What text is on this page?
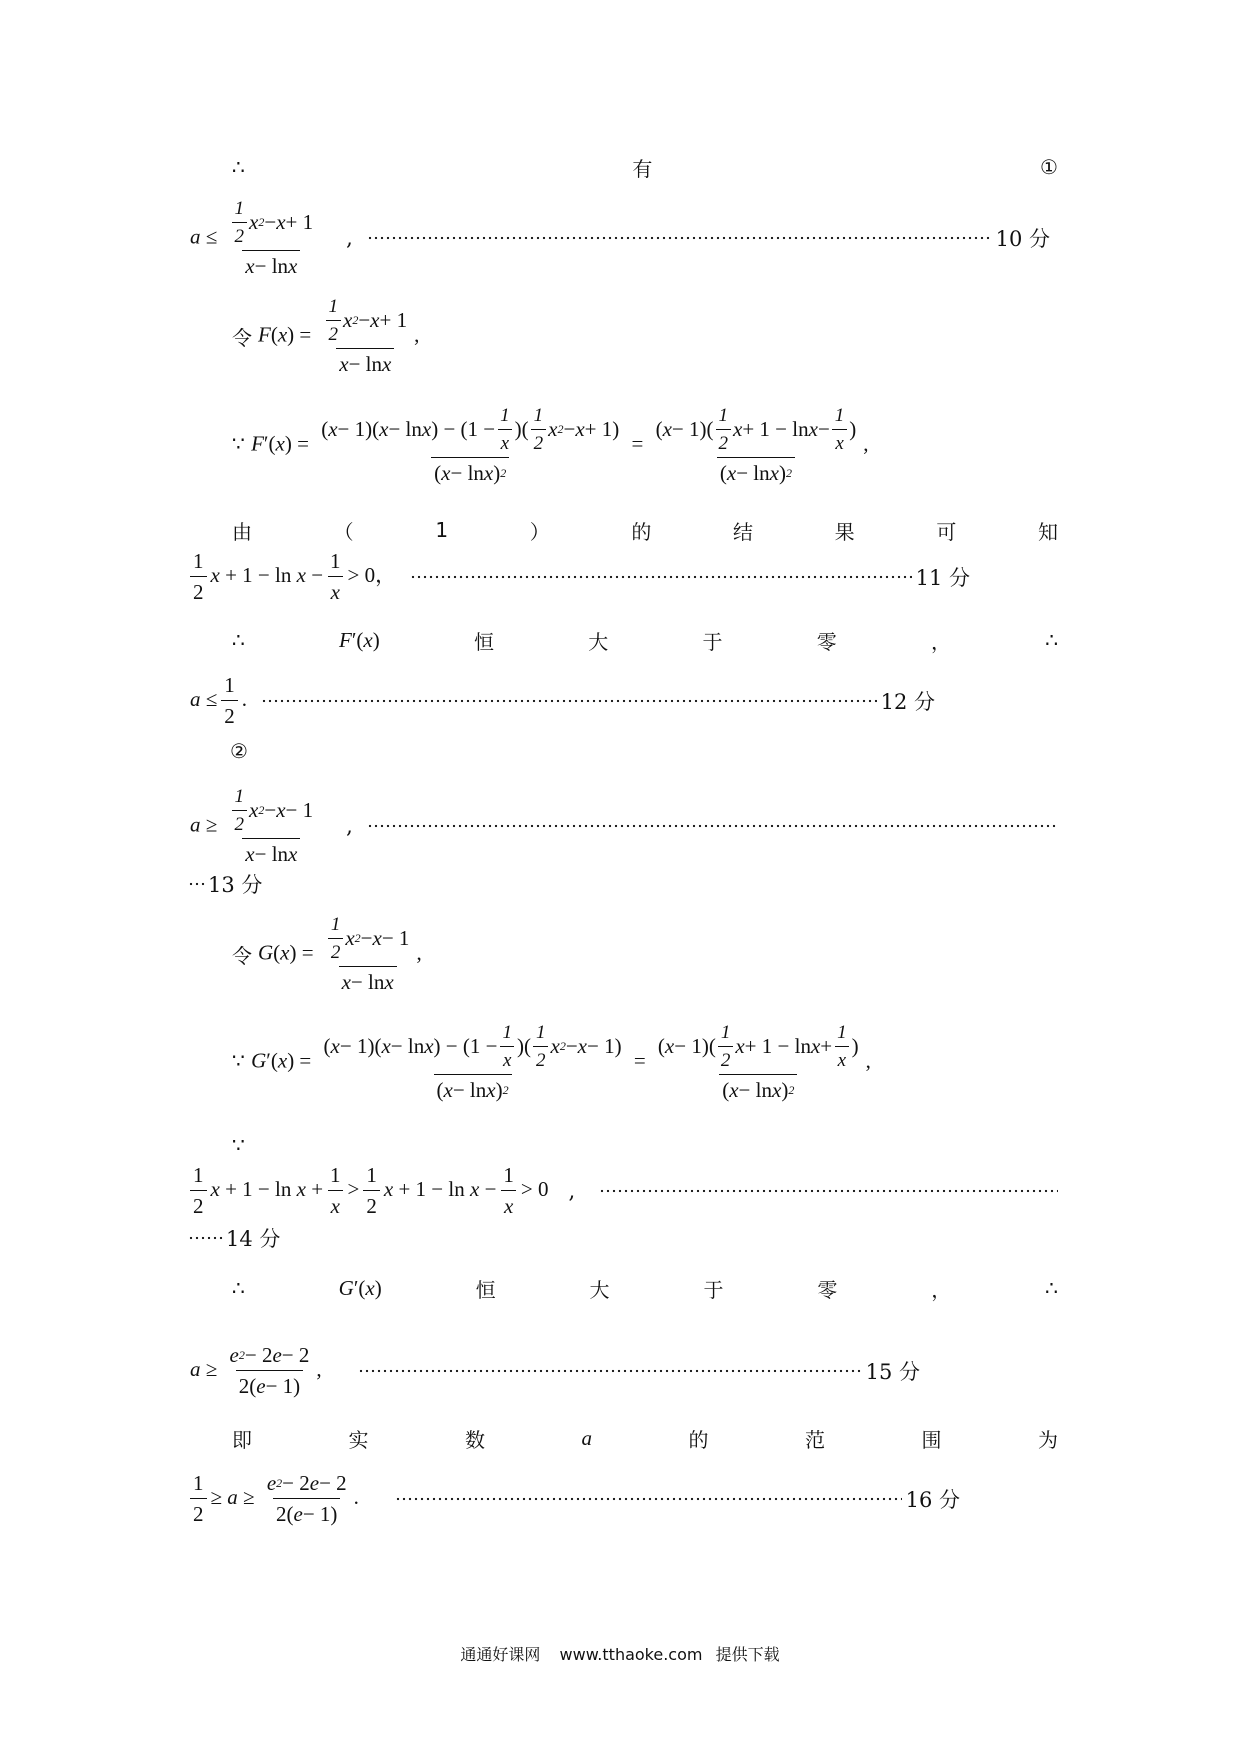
∴	有	①
$a \le \frac{\frac{1}{2} x 2 - x + 1}{\text{x − ln x}}$ ,	10 分
令 $F(x) = \frac{\frac{1}{2} x 2 - x + 1}{\text{x − ln x}}$ ,
∵ $F'(x) = \frac{( x - 1)( x - \ln x ) - (1 - \frac{1}{x} )( \frac{1}{2} x 2 - x + 1)}{\text{( x − ln x ) 2}} = \frac{( x - 1)( \frac{1}{2} x + 1 - \ln x - \frac{1}{x} )}{\text{( x − ln x ) 2}}$ ,
由	（	1	）	的	结	果	可	知
$\frac{1}{2}$ $x + 1 - \ln x - \frac{1}{x} > 0$，	11 分
∴	F′(x)	恒	大	于	零	，	∴
$a \le \frac{1}{2}$ .	12 分
②
$a \ge \frac{\frac{1}{2} x 2 - x - 1}{\text{x − ln x}}$ ,
13 分
令 $G(x) = \frac{\frac{1}{2} x 2 - x - 1}{\text{x − ln x}}$ ,
∵ $G'(x) = \frac{( x - 1)( x - \ln x ) - (1 - \frac{1}{x} )( \frac{1}{2} x 2 - x - 1)}{\text{( x − ln x ) 2}} = \frac{( x - 1)( \frac{1}{2} x + 1 - \ln x + \frac{1}{x} )}{\text{( x − ln x ) 2}}$ ,
∵
$\frac{1}{2}$ $x + 1 - \ln x + \frac{1}{x} > \frac{1}{2}$ $x + 1 - \ln x - \frac{1}{x} > 0$ ,
14 分
∴	G′(x)	恒	大	于	零	，	∴
$a \ge \frac{e 2 - 2 e - 2}{2( e - 1)}$ ,	15 分
即	实	数	a	的	范	围	为
$\frac{1}{2} \ge a \ge \frac{e 2 - 2 e - 2}{2( e - 1)}$ .	16 分
通通好课网 www.tthaoke.com 提供下载
